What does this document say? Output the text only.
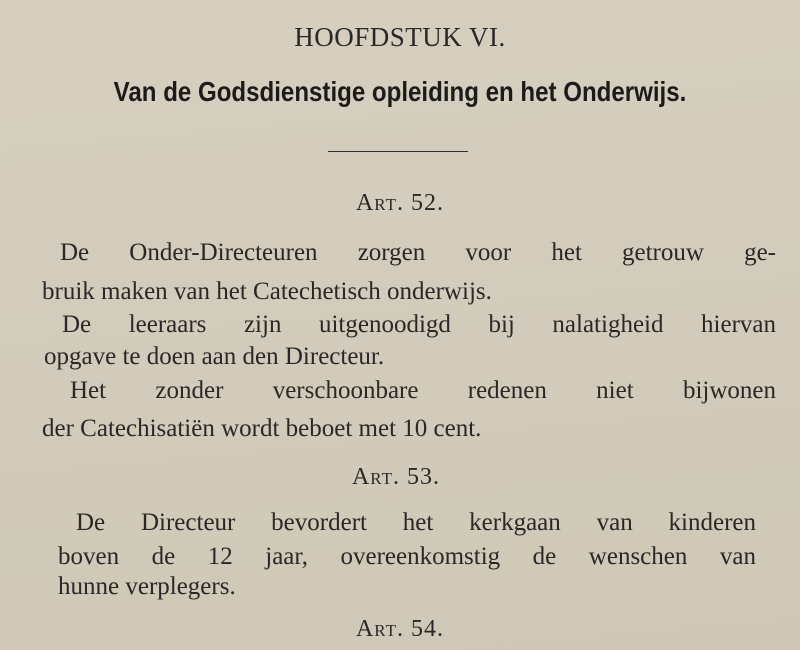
HOOFDSTUK VI.
Van de Godsdienstige opleiding en het Onderwijs.
Art. 52.
De Onder-Directeuren zorgen voor het getrouw ge-
bruik maken van het Catechetisch onderwijs.
De leeraars zijn uitgenoodigd bij nalatigheid hiervan
opgave te doen aan den Directeur.
Het zonder verschoonbare redenen niet bijwonen
der Catechisatiën wordt beboet met 10 cent.
Art. 53.
De Directeur bevordert het kerkgaan van kinderen
boven de 12 jaar, overeenkomstig de wenschen van
hunne verplegers.
Art. 54.
